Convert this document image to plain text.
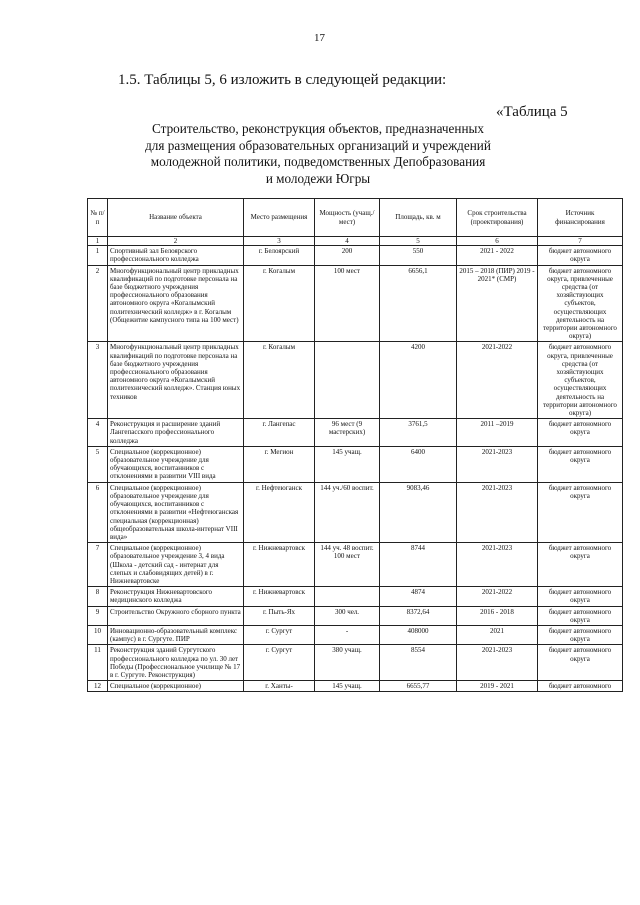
17
1.5. Таблицы 5, 6 изложить в следующей редакции:
«Таблица 5
Строительство, реконструкция объектов, предназначенных
для размещения образовательных организаций и учреждений
молодежной политики, подведомственных Депобразования
и молодежи Югры
№ п/п	Название объекта	Место размещения	Мощность (учащ./мест)	Площадь, кв. м	Срок строительства (проектирования)	Источник финансирования
1	2	3	4	5	6	7
1	Спортивный зал Белоярского профессионального колледжа	г. Белоярский	200	550	2021 - 2022	бюджет автономного округа
2	Многофункциональный центр прикладных квалификаций по подготовке персонала на базе бюджетного учреждения профессионального образования автономного округа «Когалымский политехнический колледж» в г. Когалым (Общежитие кампусного типа на 100 мест)	г. Когалым	100 мест	6656,1	2015 – 2018 (ПИР) 2019 - 2021* (СМР)	бюджет автономного округа, привлеченные средства (от хозяйствующих субъектов, осуществляющих деятельность на территории автономного округа)
3	Многофункциональный центр прикладных квалификаций по подготовке персонала на базе бюджетного учреждения профессионального образования автономного округа «Когалымский политехнический колледж». Станция юных техников	г. Когалым		4200	2021-2022	бюджет автономного округа, привлеченные средства (от хозяйствующих субъектов, осуществляющих деятельность на территории автономного округа)
4	Реконструкция и расширение зданий Лангепасского профессионального колледжа	г. Лангепас	96 мест (9 мастерских)	3761,5	2011 –2019	бюджет автономного округа
5	Специальное (коррекционное) образовательное учреждение для обучающихся, воспитанников с отклонениями в развитии VIII вида	г. Мегион	145 учащ.	6400	2021-2023	бюджет автономного округа
6	Специальное (коррекционное) образовательное учреждение для обучающихся, воспитанников с отклонениями в развитии «Нефтеюганская специальная (коррекционная) общеобразовательная школа-интернат VIII вида»	г. Нефтеюганск	144 уч./60 воспит.	9083,46	2021-2023	бюджет автономного округа
7	Специальное (коррекционное) образовательное учреждение 3, 4 вида (Школа - детский сад - интернат для слепых и слабовидящих детей) в г. Нижневартовске	г. Нижневартовск	144 уч. 48 воспит. 100 мест	8744	2021-2023	бюджет автономного округа
8	Реконструкция Нижневартовского медицинского колледжа	г. Нижневартовск		4874	2021-2022	бюджет автономного округа
9	Строительство Окружного сборного пункта	г. Пыть-Ях	300 чел.	8372,64	2016 - 2018	бюджет автономного округа
10	Инновационно-образовательный комплекс (кампус) в г. Сургуте. ПИР	г. Сургут	-	408000	2021	бюджет автономного округа
11	Реконструкция зданий Сургутского профессионального колледжа по ул. 30 лет Победы (Профессиональное училище № 17 в г. Сургуте. Реконструкция)	г. Сургут	380 учащ.	8554	2021-2023	бюджет автономного округа
12	Специальное (коррекционное)	г. Ханты-	145 учащ.	6655,77	2019 - 2021	бюджет автономного
